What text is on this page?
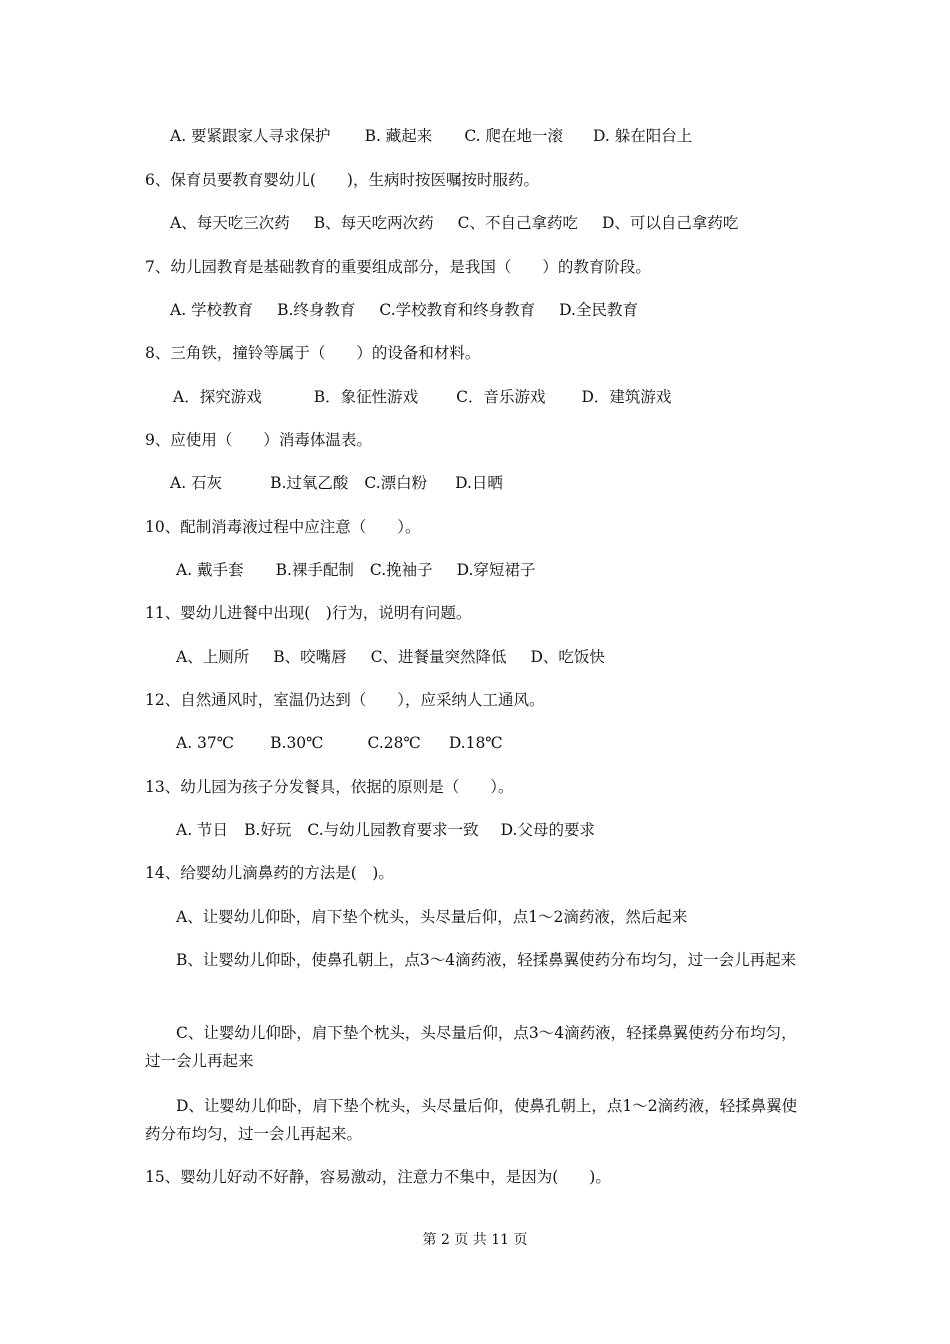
A. 要紧跟家人寻求保护 B. 藏起来 C. 爬在地一滚 D. 躲在阳台上
6、保育员要教育婴幼儿(　　)，生病时按医嘱按时服药。
A、每天吃三次药 B、每天吃两次药 C、不自己拿药吃 D、可以自己拿药吃
7、幼儿园教育是基础教育的重要组成部分，是我国（　　）的教育阶段。
A. 学校教育 B.终身教育 C.学校教育和终身教育 D.全民教育
8、三角铁，撞铃等属于（　　）的设备和材料。
A．探究游戏	B．象征性游戏 C．音乐游戏 D．建筑游戏
9、应使用（　　）消毒体温表。
A. 石灰	B.过氧乙酸 C.漂白粉 D.日晒
10、配制消毒液过程中应注意（　　）。
A. 戴手套 B.裸手配制 C.挽袖子 D.穿短裙子
11、婴幼儿进餐中出现(　)行为，说明有问题。
A、上厕所 B、咬嘴唇 C、进餐量突然降低 D、吃饭快
12、自然通风时，室温仍达到（　　），应采纳人工通风。
A. 37℃ B.30℃	C.28℃ D.18℃
13、幼儿园为孩子分发餐具，依据的原则是（　　）。
A. 节日 B.好玩 C.与幼儿园教育要求一致 D.父母的要求
14、给婴幼儿滴鼻药的方法是(　)。
A、让婴幼儿仰卧，肩下垫个枕头，头尽量后仰，点1～2滴药液，然后起来
　　B、让婴幼儿仰卧，使鼻孔朝上，点3～4滴药液，轻揉鼻翼使药分布均匀，过一会儿再起来
　　C、让婴幼儿仰卧，肩下垫个枕头，头尽量后仰，点3～4滴药液，轻揉鼻翼使药分布均匀，过一会儿再起来
　　D、让婴幼儿仰卧，肩下垫个枕头，头尽量后仰，使鼻孔朝上，点1～2滴药液，轻揉鼻翼使药分布均匀，过一会儿再起来。
15、婴幼儿好动不好静，容易激动，注意力不集中，是因为(　　)。
第 2 页 共 11 页
